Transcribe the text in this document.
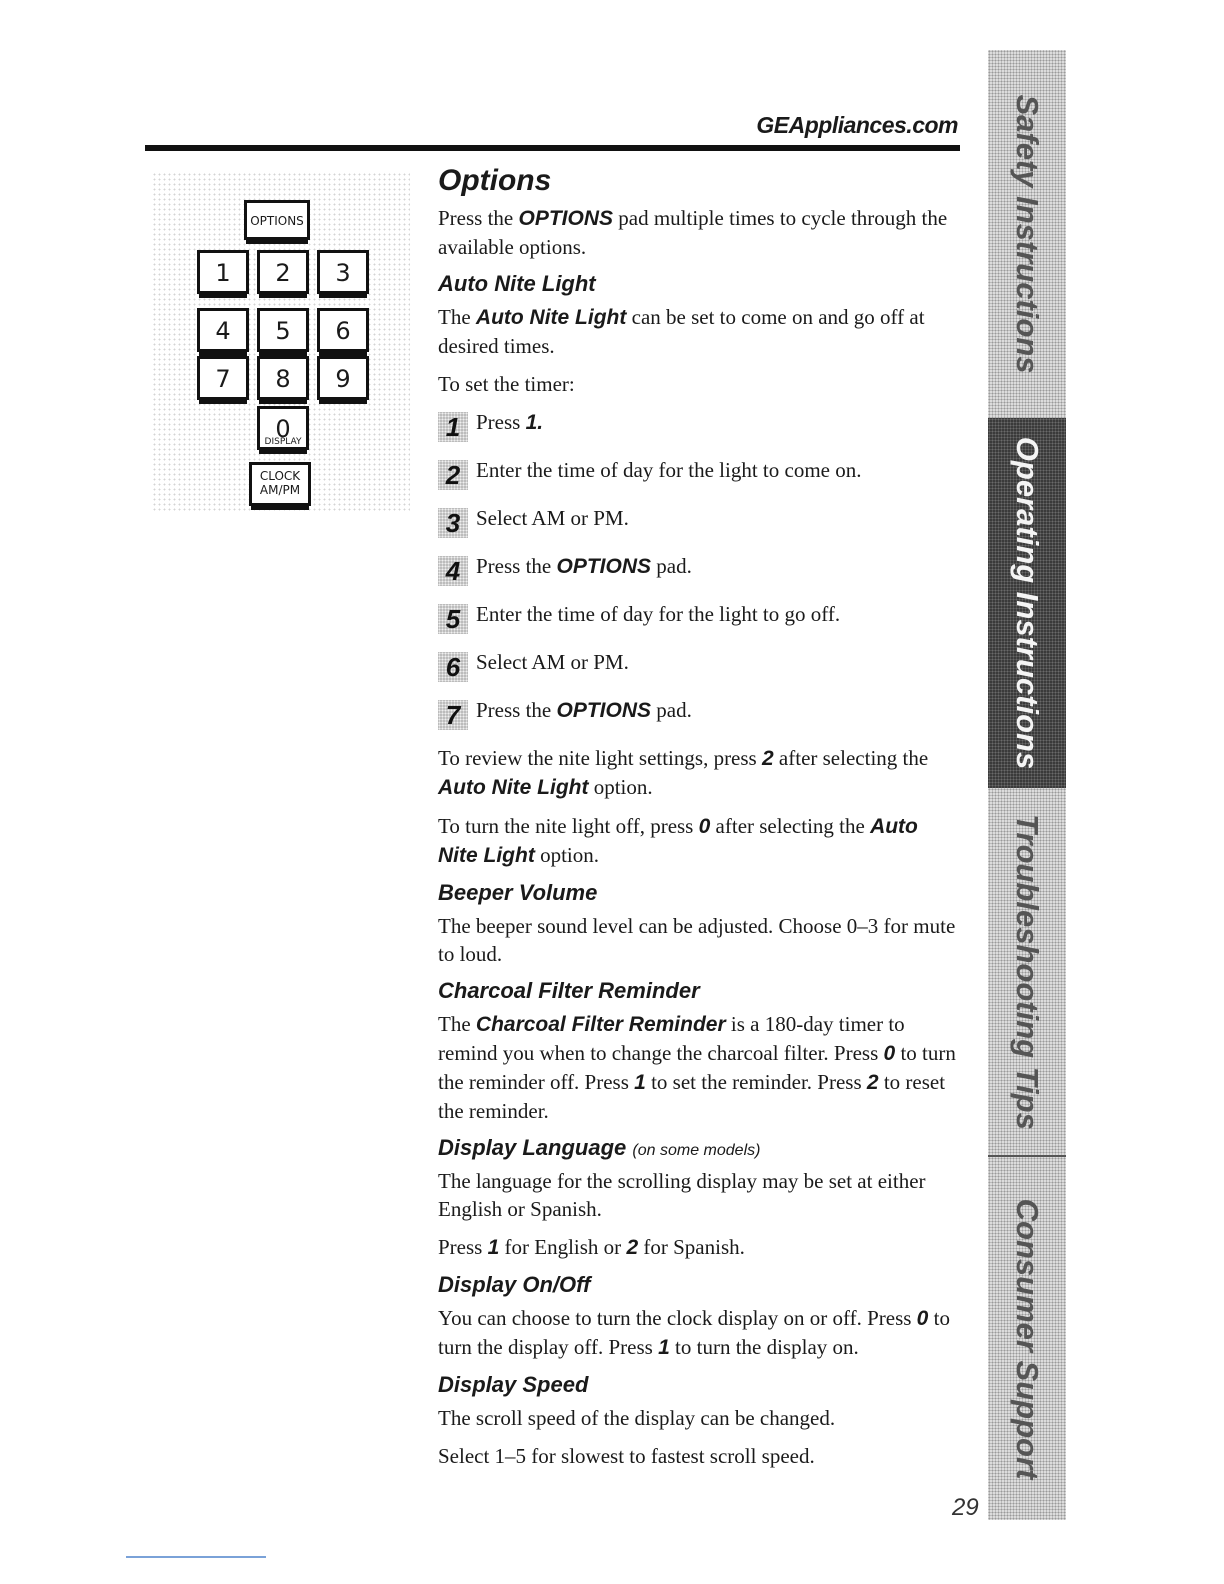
GEAppliances.com
OPTIONS
1	2	3
4	5	6
7	8	9
0
DISPLAY
CLOCK
AM/PM
Options

Press the OPTIONS pad multiple times to cycle through the available options.

Auto Nite Light

The Auto Nite Light can be set to come on and go off at desired times.

To set the timer:

1 Press 1.
2 Enter the time of day for the light to come on.
3 Select AM or PM.
4 Press the OPTIONS pad.
5 Enter the time of day for the light to go off.
6 Select AM or PM.
7 Press the OPTIONS pad.

To review the nite light settings, press 2 after selecting the Auto Nite Light option.

To turn the nite light off, press 0 after selecting the Auto Nite Light option.

Beeper Volume

The beeper sound level can be adjusted. Choose 0–3 for mute to loud.

Charcoal Filter Reminder

The Charcoal Filter Reminder is a 180-day timer to remind you when to change the charcoal filter. Press 0 to turn the reminder off. Press 1 to set the reminder. Press 2 to reset the reminder.

Display Language (on some models)

The language for the scrolling display may be set at either English or Spanish.

Press 1 for English or 2 for Spanish.

Display On/Off

You can choose to turn the clock display on or off. Press 0 to turn the display off. Press 1 to turn the display on.

Display Speed

The scroll speed of the display can be changed.

Select 1–5 for slowest to fastest scroll speed.

Safety Instructions
Operating Instructions
Troubleshooting Tips
Consumer Support
29
